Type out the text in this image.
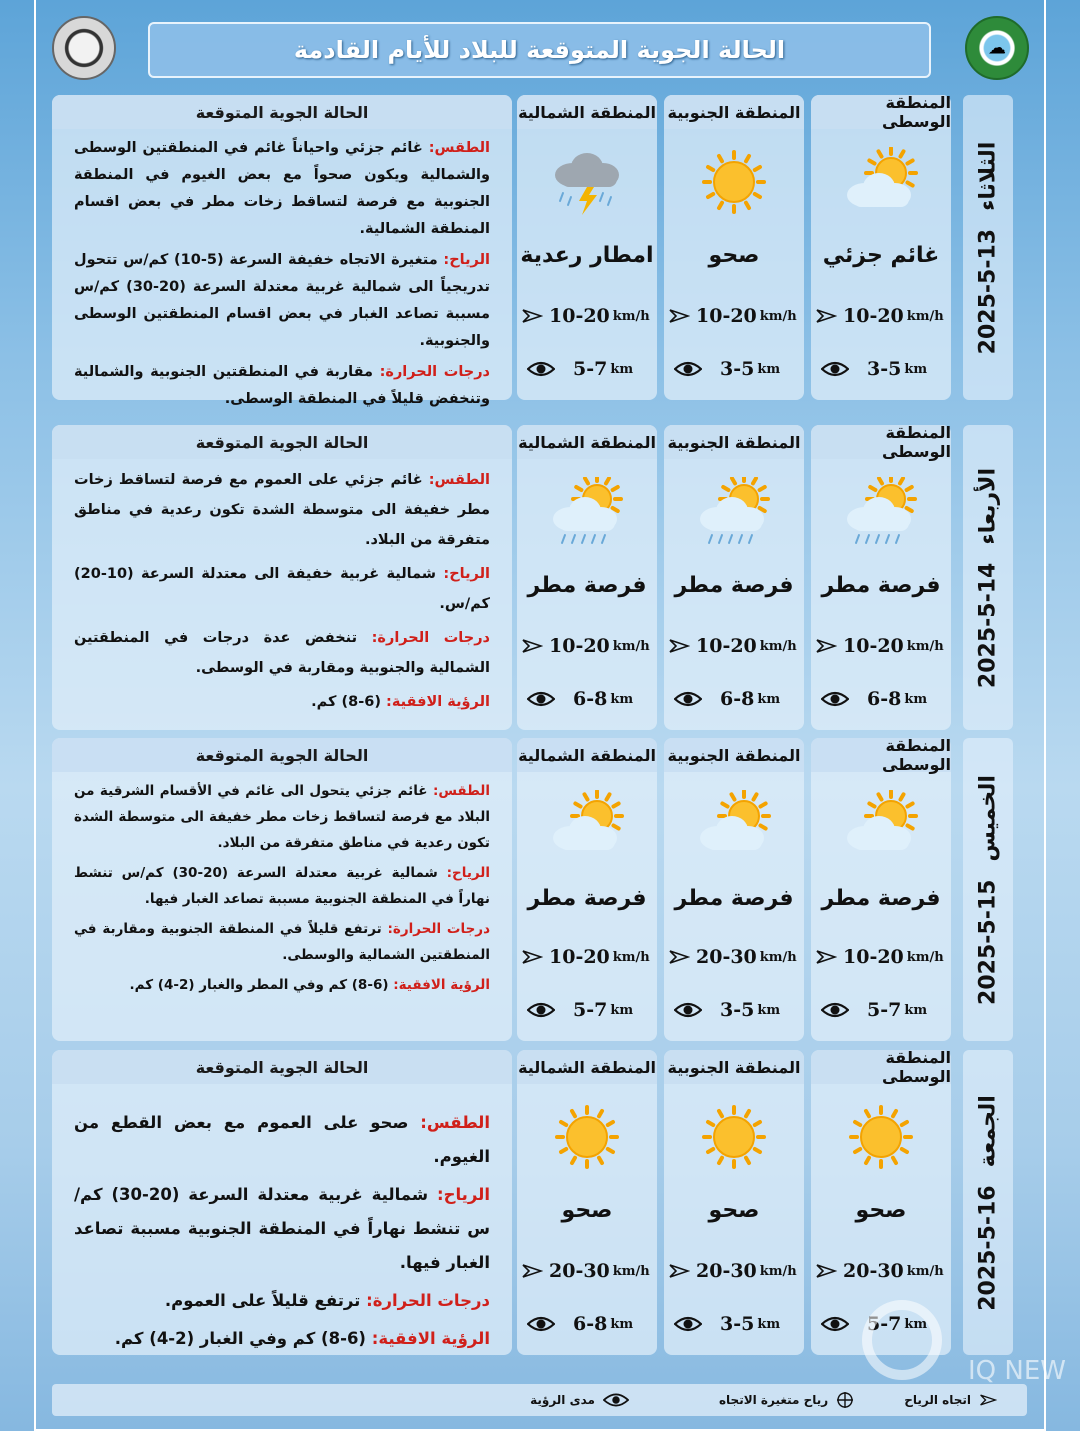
☁
الحالة الجوية المتوقعة للبلاد للأيام القادمة
الحالة الجوية المتوقعة

الطقس: غائم جزئي واحياناً غائم في المنطقتين الوسطى والشمالية ويكون صحواً مع بعض الغيوم في المنطقة الجنوبية مع فرصة لتساقط زخات مطر في بعض اقسام المنطقة الشمالية.

الرياح: متغيرة الاتجاه خفيفة السرعة (5-10) كم/س تتحول تدريجياً الى شمالية غربية معتدلة السرعة (20-30) كم/س مسببة تصاعد الغبار في بعض اقسام المنطقتين الوسطى والجنوبية.

درجات الحرارة: مقاربة في المنطقتين الجنوبية والشمالية وتنخفض قليلاً في المنطقة الوسطى.

المنطقة الشمالية
امطار رعدية
10-20 km/h
5-7 km
المنطقة الجنوبية
صحو
10-20 km/h
3-5 km
المنطقة الوسطى
غائم جزئي
10-20 km/h
3-5 km
2025-5-13
الثلاثاء
الحالة الجوية المتوقعة

الطقس: غائم جزئي على العموم مع فرصة لتساقط زخات مطر خفيفة الى متوسطة الشدة تكون رعدية في مناطق متفرقة من البلاد.

الرياح: شمالية غربية خفيفة الى معتدلة السرعة (10-20) كم/س.

درجات الحرارة: تنخفض عدة درجات في المنطقتين الشمالية والجنوبية ومقاربة في الوسطى.

الرؤية الافقية: (6-8) كم.

المنطقة الشمالية
فرصة مطر
10-20 km/h
6-8 km
المنطقة الجنوبية
فرصة مطر
10-20 km/h
6-8 km
المنطقة الوسطى
فرصة مطر
10-20 km/h
6-8 km
2025-5-14
الأربعاء
الحالة الجوية المتوقعة

الطقس: غائم جزئي يتحول الى غائم في الأقسام الشرقية من البلاد مع فرصة لتساقط زخات مطر خفيفة الى متوسطة الشدة تكون رعدية في مناطق متفرقة من البلاد.

الرياح: شمالية غربية معتدلة السرعة (20-30) كم/س تنشط نهاراً في المنطقة الجنوبية مسببة تصاعد الغبار فيها.

درجات الحرارة: ترتفع قليلاً في المنطقة الجنوبية ومقاربة في المنطقتين الشمالية والوسطى.

الرؤية الافقية: (6-8) كم وفي المطر والغبار (2-4) كم.

المنطقة الشمالية
فرصة مطر
10-20 km/h
5-7 km
المنطقة الجنوبية
فرصة مطر
20-30 km/h
3-5 km
المنطقة الوسطى
فرصة مطر
10-20 km/h
5-7 km
2025-5-15
الخميس
الحالة الجوية المتوقعة

الطقس: صحو على العموم مع بعض القطع من الغيوم.

الرياح: شمالية غربية معتدلة السرعة (20-30) كم/س تنشط نهاراً في المنطقة الجنوبية مسببة تصاعد الغبار فيها.

درجات الحرارة: ترتفع قليلاً على العموم.

الرؤية الافقية: (6-8) كم وفي الغبار (2-4) كم.

المنطقة الشمالية
صحو
20-30 km/h
6-8 km
المنطقة الجنوبية
صحو
20-30 km/h
3-5 km
المنطقة الوسطى
صحو
20-30 km/h
5-7 km
2025-5-16
الجمعة
اتجاه الرياح
رياح متغيرة الاتجاه
مدى الرؤية
IQ NEW
